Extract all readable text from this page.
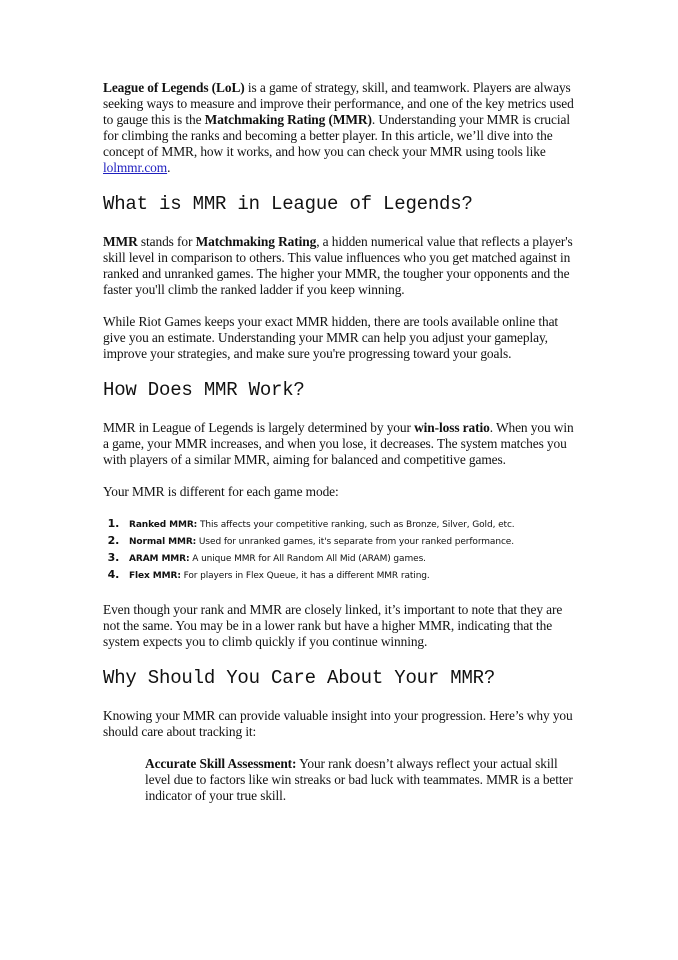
League of Legends (LoL) is a game of strategy, skill, and teamwork. Players are always seeking ways to measure and improve their performance, and one of the key metrics used to gauge this is the Matchmaking Rating (MMR). Understanding your MMR is crucial for climbing the ranks and becoming a better player. In this article, we’ll dive into the concept of MMR, how it works, and how you can check your MMR using tools like lolmmr.com.

What is MMR in League of Legends?

MMR stands for Matchmaking Rating, a hidden numerical value that reflects a player's skill level in comparison to others. This value influences who you get matched against in ranked and unranked games. The higher your MMR, the tougher your opponents and the faster you'll climb the ranked ladder if you keep winning.

While Riot Games keeps your exact MMR hidden, there are tools available online that give you an estimate. Understanding your MMR can help you adjust your gameplay, improve your strategies, and make sure you're progressing toward your goals.

How Does MMR Work?

MMR in League of Legends is largely determined by your win-loss ratio. When you win a game, your MMR increases, and when you lose, it decreases. The system matches you with players of a similar MMR, aiming for balanced and competitive games.

Your MMR is different for each game mode:

1. Ranked MMR: This affects your competitive ranking, such as Bronze, Silver, Gold, etc.
2. Normal MMR: Used for unranked games, it's separate from your ranked performance.
3. ARAM MMR: A unique MMR for All Random All Mid (ARAM) games.
4. Flex MMR: For players in Flex Queue, it has a different MMR rating.

Even though your rank and MMR are closely linked, it’s important to note that they are not the same. You may be in a lower rank but have a higher MMR, indicating that the system expects you to climb quickly if you continue winning.

Why Should You Care About Your MMR?

Knowing your MMR can provide valuable insight into your progression. Here’s why you should care about tracking it:

Accurate Skill Assessment: Your rank doesn’t always reflect your actual skill level due to factors like win streaks or bad luck with teammates. MMR is a better indicator of your true skill.
